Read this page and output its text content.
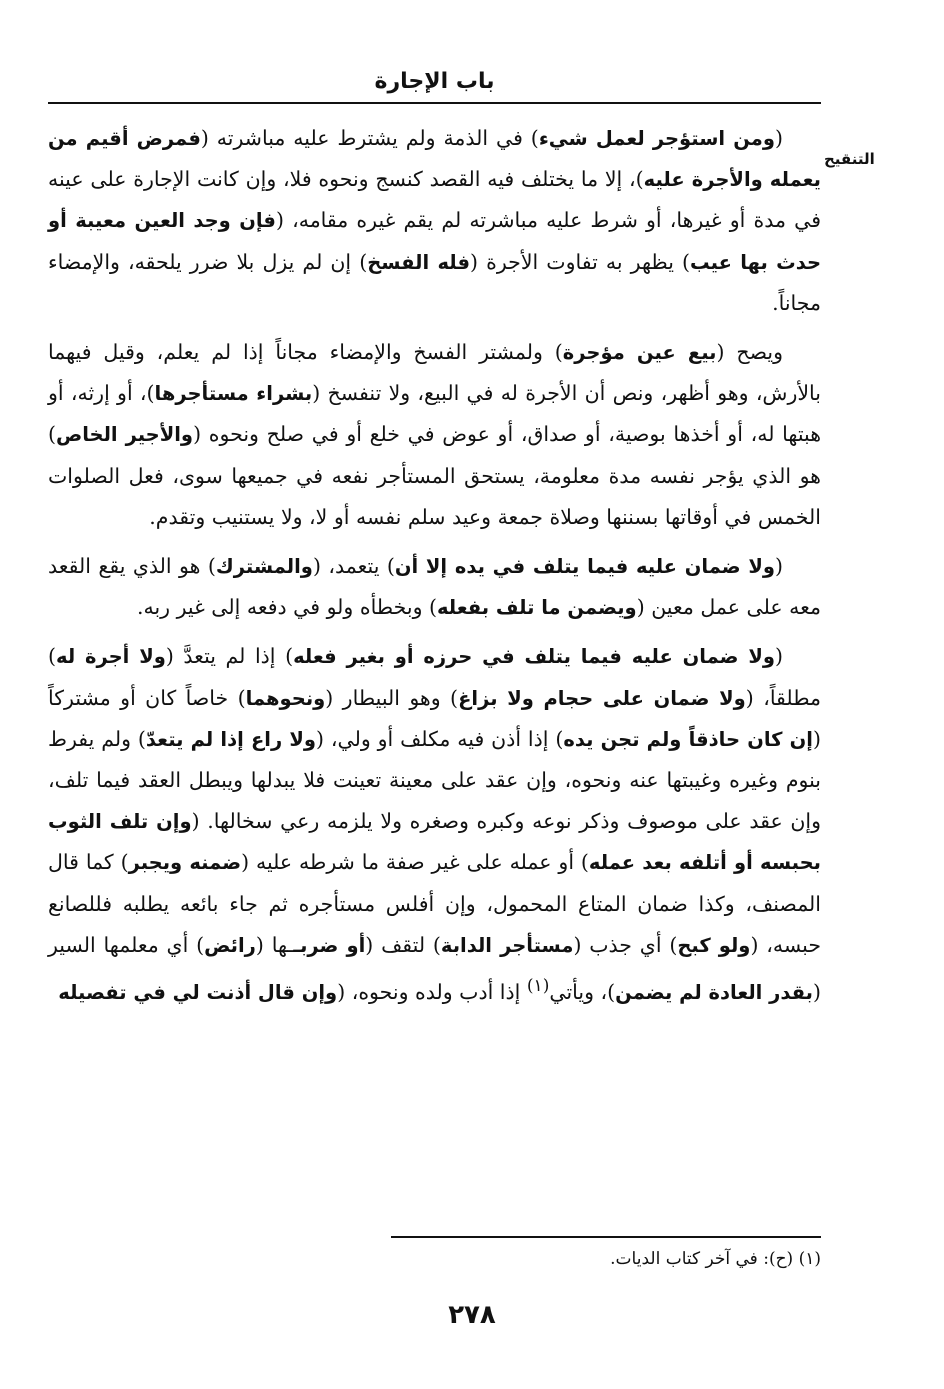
باب الإجارة
التنقيح

(ومن استؤجر لعمل شيء) في الذمة ولم يشترط عليه مباشرته (فمرض أقيم من يعمله والأجرة عليه)، إلا ما يختلف فيه القصد كنسج ونحوه فلا، وإن كانت الإجارة على عينه في مدة أو غيرها، أو شرط عليه مباشرته لم يقم غيره مقامه، (فإن وجد العين معيبة أو حدث بها عيب) يظهر به تفاوت الأجرة (فله الفسخ) إن لم يزل بلا ضرر يلحقه، والإمضاء مجاناً.

ويصح (بيع عين مؤجرة) ولمشتر الفسخ والإمضاء مجاناً إذا لم يعلم، وقيل فيهما بالأرش، وهو أظهر، ونص أن الأجرة له في البيع، ولا تنفسخ (بشراء مستأجرها)، أو إرثه، أو هبتها له، أو أخذها بوصية، أو صداق، أو عوض في خلع أو في صلح ونحوه (والأجير الخاص) هو الذي يؤجر نفسه مدة معلومة، يستحق المستأجر نفعه في جميعها سوى، فعل الصلوات الخمس في أوقاتها بسننها وصلاة جمعة وعيد سلم نفسه أو لا، ولا يستنيب وتقدم.

(ولا ضمان عليه فيما يتلف في يده إلا أن) يتعمد، (والمشترك) هو الذي يقع القعد معه على عمل معين (ويضمن ما تلف بفعله) وبخطأه ولو في دفعه إلى غير ربه.

(ولا ضمان عليه فيما يتلف في حرزه أو بغير فعله) إذا لم يتعدَّ (ولا أجرة له) مطلقاً، (ولا ضمان على حجام ولا بزاغ) وهو البيطار (ونحوهما) خاصاً كان أو مشتركاً (إن كان حاذقاً ولم تجن يده) إذا أذن فيه مكلف أو ولي، (ولا راع إذا لم يتعدّ) ولم يفرط بنوم وغيره وغيبتها عنه ونحوه، وإن عقد على معينة تعينت فلا يبدلها ويبطل العقد فيما تلف، وإن عقد على موصوف وذكر نوعه وكبره وصغره ولا يلزمه رعي سخالها. (وإن تلف الثوب بحبسه أو أتلفه بعد عمله) أو عمله على غير صفة ما شرطه عليه (ضمنه ويجبر) كما قال المصنف، وكذا ضمان المتاع المحمول، وإن أفلس مستأجره ثم جاء بائعه يطلبه فللصانع حبسه، (ولو كبح) أي جذب (مستأجر الدابة) لتقف (أو ضربــها (رائض) أي معلمها السير (بقدر العادة لم يضمن)، ويأتي$^{(١)}$ إذا أدب ولده ونحوه، (وإن قال أذنت لي في تفصيله

(١) (ح): في آخر كتاب الديات.
٢٧٨
